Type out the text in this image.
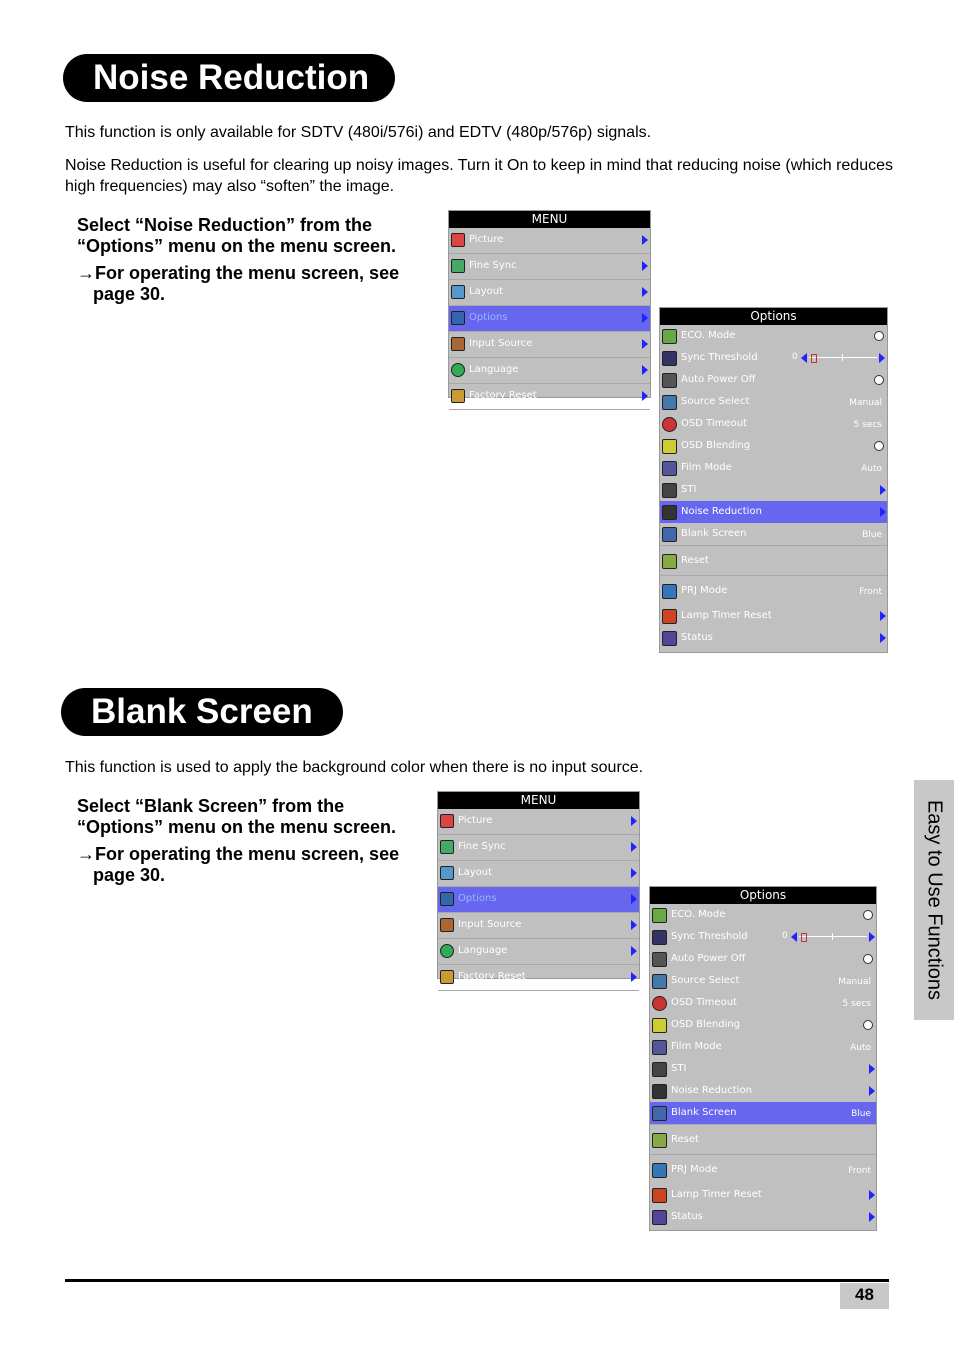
Noise Reduction
This function is only available for SDTV (480i/576i) and EDTV (480p/576p) signals.
Noise Reduction is useful for clearing up noisy images. Turn it On to keep in mind that reducing noise (which reduces high frequencies) may also “soften” the image.
Select “Noise Reduction” from the “Options” menu on the menu screen.
→For operating the menu screen, see
page 30.
MENU
Picture
Fine Sync
Layout
Options
Input Source
Language
Factory Reset
Options
ECO. Mode
Sync Threshold	0
Auto Power Off
Source Select	Manual
OSD Timeout	5 secs
OSD Blending
Film Mode	Auto
STI
Noise Reduction
Blank Screen	Blue
Reset
PRJ Mode	Front
Lamp Timer Reset
Status
Blank Screen
This function is used to apply the background color when there is no input source.
Select “Blank Screen” from the “Options” menu on the menu screen.
→For operating the menu screen, see
page 30.
MENU
Picture
Fine Sync
Layout
Options
Input Source
Language
Factory Reset
Options
ECO. Mode
Sync Threshold	0
Auto Power Off
Source Select	Manual
OSD Timeout	5 secs
OSD Blending
Film Mode	Auto
STI
Noise Reduction
Blank Screen	Blue
Reset
PRJ Mode	Front
Lamp Timer Reset
Status
Easy to Use Functions
48
